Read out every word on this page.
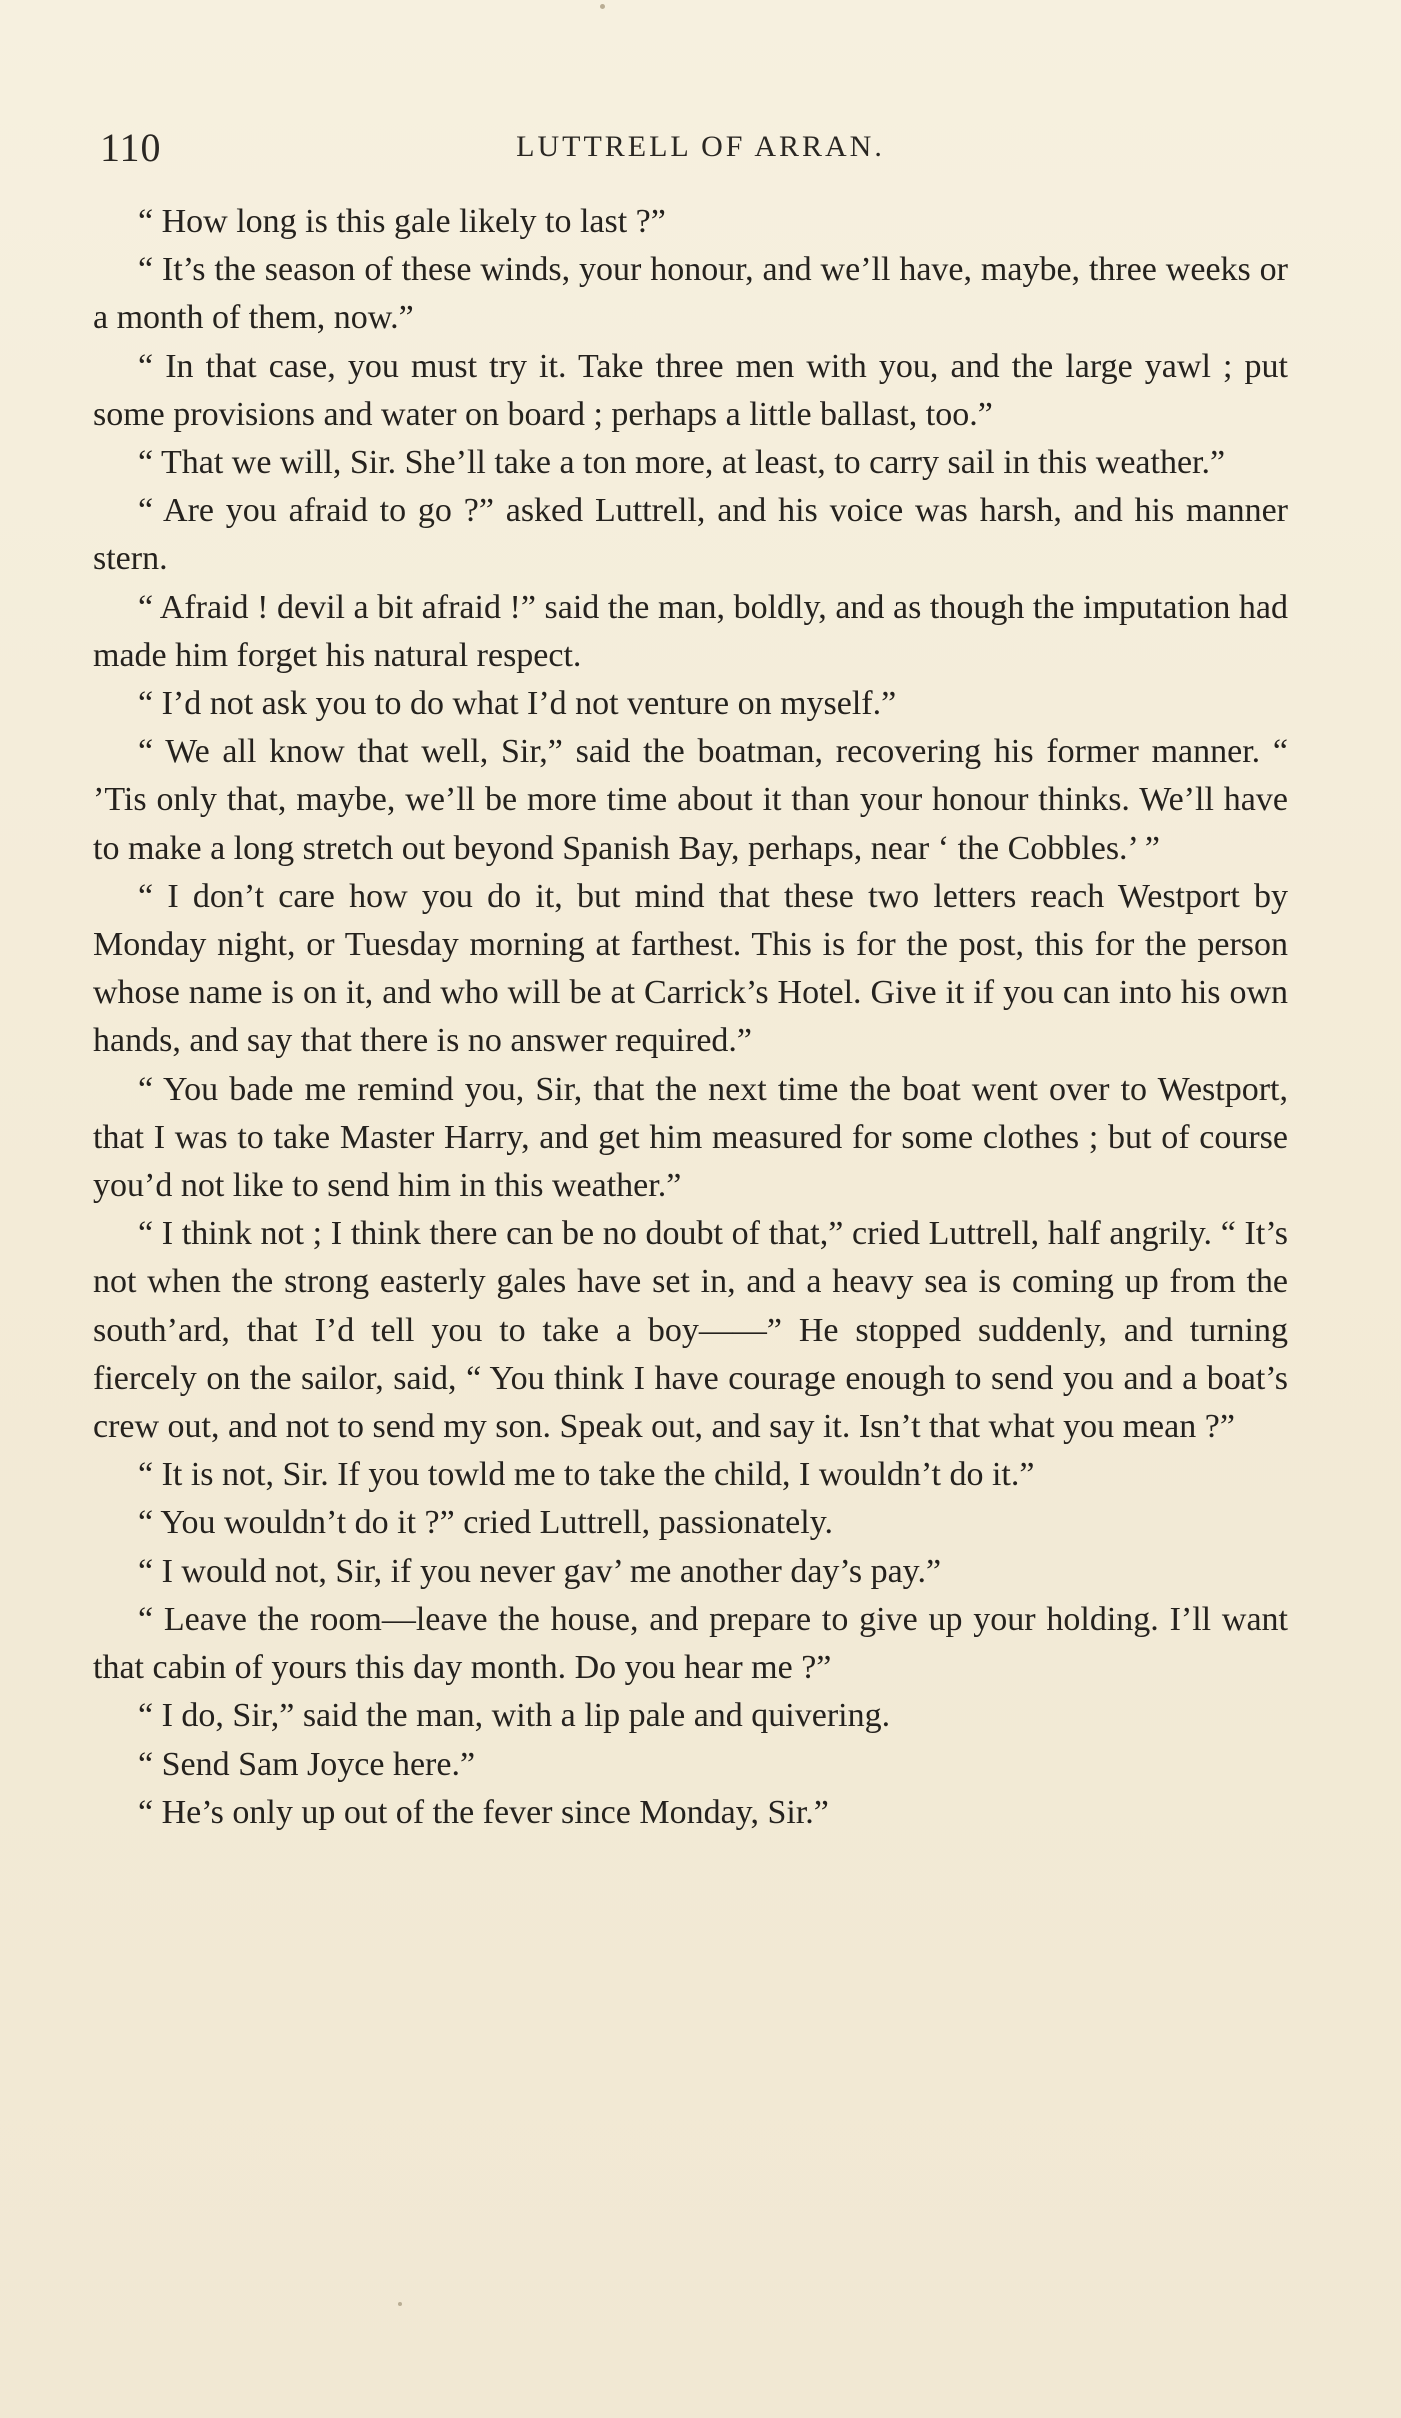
110	LUTTRELL OF ARRAN.

“ How long is this gale likely to last ?”

“ It’s the season of these winds, your honour, and we’ll have, maybe, three weeks or a month of them, now.”

“ In that case, you must try it. Take three men with you, and the large yawl ; put some provisions and water on board ; perhaps a little ballast, too.”

“ That we will, Sir. She’ll take a ton more, at least, to carry sail in this weather.”

“ Are you afraid to go ?” asked Luttrell, and his voice was harsh, and his manner stern.

“ Afraid ! devil a bit afraid !” said the man, boldly, and as though the imputation had made him forget his natural respect.

“ I’d not ask you to do what I’d not venture on myself.”

“ We all know that well, Sir,” said the boatman, recovering his former manner. “ ’Tis only that, maybe, we’ll be more time about it than your honour thinks. We’ll have to make a long stretch out beyond Spanish Bay, perhaps, near ‘ the Cobbles.’ ”

“ I don’t care how you do it, but mind that these two letters reach Westport by Monday night, or Tuesday morning at farthest. This is for the post, this for the person whose name is on it, and who will be at Carrick’s Hotel. Give it if you can into his own hands, and say that there is no answer required.”

“ You bade me remind you, Sir, that the next time the boat went over to Westport, that I was to take Master Harry, and get him measured for some clothes ; but of course you’d not like to send him in this weather.”

“ I think not ; I think there can be no doubt of that,” cried Luttrell, half angrily. “ It’s not when the strong easterly gales have set in, and a heavy sea is coming up from the south’ard, that I’d tell you to take a boy——” He stopped suddenly, and turning fiercely on the sailor, said, “ You think I have courage enough to send you and a boat’s crew out, and not to send my son. Speak out, and say it. Isn’t that what you mean ?”

“ It is not, Sir. If you towld me to take the child, I wouldn’t do it.”

“ You wouldn’t do it ?” cried Luttrell, passionately.

“ I would not, Sir, if you never gav’ me another day’s pay.”

“ Leave the room—leave the house, and prepare to give up your holding. I’ll want that cabin of yours this day month. Do you hear me ?”

“ I do, Sir,” said the man, with a lip pale and quivering.

“ Send Sam Joyce here.”

“ He’s only up out of the fever since Monday, Sir.”
